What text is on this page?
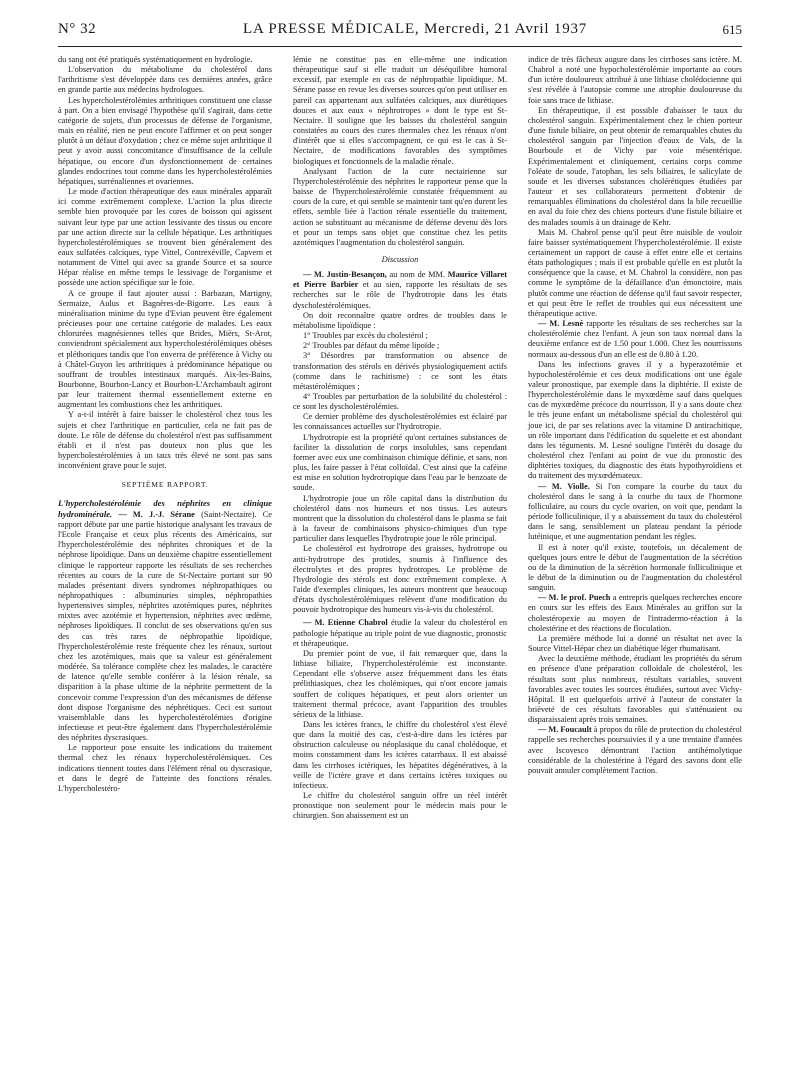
N° 32	LA PRESSE MÉDICALE, Mercredi, 21 Avril 1937	615

du sang ont été pratiqués systématiquement en hydrologie.

L'observation du métabolisme du cholestérol dans l'arthritisme s'est développée dans ces dernières années, grâce en grande partie aux médecins hydrologues.

Les hypercholestérolémies arthritiques constituent une classe à part. On a bien envisagé l'hypothèse qu'il s'agirait, dans cette catégorie de sujets, d'un processus de défense de l'organisme, mais en réalité, rien ne peut encore l'affirmer et on peut songer plutôt à un défaut d'oxydation ; chez ce même sujet arthritique il peut y avoir aussi concomitance d'insuffisance de la cellule hépatique, ou encore d'un dysfonctionnement de certaines glandes endocrines tout comme dans les hypercholestérolémies hépatiques, surrénaliennes et ovariennes.

Le mode d'action thérapeutique des eaux minérales apparaît ici comme extrêmement complexe. L'action la plus directe semble bien provoquée par les cures de boisson qui agissent suivant leur type par une action lessivante des tissus ou encore par une action directe sur la cellule hépatique. Les arthritiques hypercholestérolémiques se trouvent bien généralement des eaux sulfatées calciques, type Vittel, Contrexéville, Capvern et notamment de Vittel qui avec sa grande Source et sa source Hépar réalise en même temps le lessivage de l'organisme et possède une action spécifique sur le foie.

A ce groupe il faut ajouter aussi : Barbazan, Martigny, Sermaize, Aulus et Bagnères-de-Bigorre. Les eaux à minéralisation minime du type d'Evian peuvent être également précieuses pour une certaine catégorie de malades. Les eaux chlorurées magnésiennes telles que Brides, Mièrs, St-Arot, conviendront spécialement aux hypercholestérolémiques obèses et pléthoriques tandis que l'on enverra de préférence à Vichy ou à Châtel-Guyon les arthritiques à prédominance hépatique ou souffrant de troubles intestinaux marqués. Aix-les-Bains, Bourbonne, Bourbon-Lancy et Bourbon-L'Archambault agiront par leur traitement thermal essentiellement externe en augmentant les combustions chez les arthritiques.

Y a-t-il intérêt à faire baisser le cholestérol chez tous les sujets et chez l'arthritique en particulier, cela ne fait pas de doute. Le rôle de défense du cholestérol n'est pas suffisamment établi et il n'est pas douteux non plus que les hypercholestérolémies à un taux très élevé ne sont pas sans inconvénient grave pour le sujet.

SEPTIÈME RAPPORT.

L'hypercholestérolémie des néphrites en clinique hydrominérale. — M. J.-J. Sérane (Saint-Nectaire). Ce rapport débute par une partie historique analysant les travaux de l'Ecole Française et ceux plus récents des Américains, sur l'hypercholestérolémie des néphrites chroniques et de la néphrose lipoïdique. Dans un deuxième chapitre essentiellement clinique le rapporteur rapporte les résultats de ses recherches récentes au cours de la cure de St-Nectaire portant sur 90 malades présentant divers syndromes néphropathiques ou néphropathiques : albuminuries simples, néphropathies hypertensives simples, néphrites azotémiques pures, néphrites mixtes avec azotémie et hypertension, néphrites avec œdème, néphroses lipoïdiques. Il conclut de ses observations qu'en sus des cas très rares de néphropathie lipoïdique, l'hypercholestérolémie reste fréquente chez les rénaux, surtout chez les azotémiques, mais que sa valeur est généralement modérée. Sa tolérance complète chez les malades, le caractère de latence qu'elle semble conférer à la lésion rénale, sa disparition à la phase ultime de la néphrite permettent de la concevoir comme l'expression d'un des mécanismes de défense dont dispose l'organisme des néphrétiques. Ceci est surtout vraisemblable dans les hypercholestérolémies d'origine infectieuse et peut-être également dans l'hypercholestérolémie des néphrites dyscrasiques.

Le rapporteur pose ensuite les indications du traitement thermal chez les rénaux hypercholestérolémiques. Ces indications tiennent toutes dans l'élément rénal ou dyscrasique, et dans le degré de l'atteinte des fonctions rénales. L'hypercholestéro-

lémie ne constitue pas en elle-même une indication thérapeutique sauf si elle traduit un déséquilibre humoral excessif, par exemple en cas de néphropathie lipoïdique. M. Sérane passe en revue les diverses sources qu'on peut utiliser en pareil cas appartenant aux sulfatées calciques, aux diurétiques douces et aux eaux « néphrotropes » dont le type est St-Nectaire. Il souligne que les baisses du cholestérol sanguin constatées au cours des cures thermales chez les rénaux n'ont d'intérêt que si elles s'accompagnent, ce qui est le cas à St-Nectaire, de modifications favorables des symptômes biologiques et fonctionnels de la maladie rénale.

Analysant l'action de la cure nectairienne sur l'hypercholestérolémie des néphrites le rapporteur pense que la baisse de l'hypercholestérolémie constatée fréquemment au cours de la cure, et qui semble se maintenir tant qu'en durent les effets, semble liée à l'action rénale essentielle du traitement, action se substituant au mécanisme de défense devenu dès lors et pour un temps sans objet que constitue chez les petits azotémiques l'augmentation du cholestérol sanguin.

Discussion

— M. Justin-Besançon, au nom de MM. Maurice Villaret et Pierre Barbier et au sien, rapporte les résultats de ses recherches sur le rôle de l'hydrotropie dans les états dyscholestérolémiques.

On doit reconnaître quatre ordres de troubles dans le métabolisme lipoïdique :

1° Troubles par excès du cholestérol ;

2° Troubles par défaut du même lipoïde ;

3° Désordres par transformation ou absence de transformation des stérols en dérivés physiologiquement actifs (comme dans le rachitisme) : ce sont les états métastérolémiques ;

4° Troubles par perturbation de la solubilité du cholestérol : ce sont les dyscholestérolémies.

Ce dernier problème des dyscholestérolémies est éclairé par les connaissances actuelles sur l'hydrotropie.

L'hydrotropie est la propriété qu'ont certaines substances de faciliter la dissolution de corps insolubles, sans cependant former avec eux une combinaison chimique définie, et sans, non plus, les faire passer à l'état colloïdal. C'est ainsi que la caféine est mise en solution hydrotropique dans l'eau par le benzoate de soude.

L'hydrotropie joue un rôle capital dans la distribution du cholestérol dans nos humeurs et nos tissus. Les auteurs montrent que la dissolution du cholestérol dans le plasma se fait à la faveur de combinaisons physico-chimiques d'un type particulier dans lesquelles l'hydrotropie joue le rôle principal.

Le cholestérol est hydrotrope des graisses, hydrotrope ou anti-hydrotrope des protides, soumis à l'influence des électrolytes et des propres hydrotropes. Le problème de l'hydrologie des stérols est donc extrêmement complexe. A l'aide d'exemples cliniques, les auteurs montrent que beaucoup d'états dyscholestérolémiques relèvent d'une modification du pouvoir hydrotropique des humeurs vis-à-vis du cholestérol.

— M. Etienne Chabrol étudie la valeur du cholestérol en pathologie hépatique au triple point de vue diagnostic, pronostic et thérapeutique.

Du premier point de vue, il fait remarquer que, dans la lithiase biliaire, l'hypercholestérolémie est inconstante. Cependant elle s'observe assez fréquemment dans les états prélithiasiques, chez les cholémiques, qui n'ont encore jamais souffert de coliques hépatiques, et peut alors orienter un traitement thermal précoce, avant l'apparition des troubles sérieux de la lithiase.

Dans les ictères francs, le chiffre du cholestérol s'est élevé que dans la moitié des cas, c'est-à-dire dans les ictères par obstruction calculeuse ou néoplasique du canal cholédoque, et moins constamment dans les ictères catarrhaux. Il est abaissé dans les cirrhoses ictériques, les hépatites dégénératives, à la veille de l'ictère grave et dans certains ictères toxiques ou infectieux.

Le chiffre du cholestérol sanguin offre un réel intérêt pronostique non seulement pour le médecin mais pour le chirurgien. Son abaissement est un

indice de très fâcheux augure dans les cirrhoses sans ictère. M. Chabrol a noté une hypocholestérolémie importante au cours d'un ictère douloureux attribué à une lithiase cholédocienne qui s'est révélée à l'autopsie comme une atrophie douloureuse du foie sans trace de lithiase.

En thérapeutique, il est possible d'abaisser le taux du cholestérol sanguin. Expérimentalement chez le chien porteur d'une fistule biliaire, on peut obtenir de remarquables chutes du cholestérol sanguin par l'injection d'eaux de Vals, de la Bourboule et de Vichy par voie mésentérique. Expérimentalement et cliniquement, certains corps comme l'oléate de soude, l'atophan, les sels biliaires, le salicylate de soude et les diverses substances cholérétiques étudiées par l'auteur et ses collaborateurs permettent d'obtenir de remarquables éliminations du cholestérol dans la bile recueillie en aval du foie chez des chiens porteurs d'une fistule biliaire et des malades soumis à un drainage de Kehr.

Mais M. Chabrol pense qu'il peut être nuisible de vouloir faire baisser systématiquement l'hypercholestérolémie. Il existe certainement un rapport de cause à effet entre elle et certains états pathologiques ; mais il est probable qu'elle en est plutôt la conséquence que la cause, et M. Chabrol la considère, non pas comme le symptôme de la défaillance d'un émonctoire, mais plutôt comme une réaction de défense qu'il faut savoir respecter, et qui peut être le reflet de troubles qui eux nécessitent une thérapeutique active.

— M. Lesné rapporte les résultats de ses recherches sur la cholestérolémie chez l'enfant. A jeun son taux normal dans la deuxième enfance est de 1.50 pour 1.000. Chez les nourrissons normaux au-dessous d'un an elle est de 0.80 à 1.20.

Dans les infections graves il y a hyperazotémie et hypocholestérolémie et ces deux modifications ont une égale valeur pronostique, par exemple dans la diphtérie. Il existe de l'hypercholestérolémie dans le myxœdème sauf dans quelques cas de myxœdème précoce du nourrisson. Il y a sans doute chez le très jeune enfant un métabolisme spécial du cholestérol qui joue ici, de par ses relations avec la vitamine D antirachitique, un rôle important dans l'édification du squelette et est abondant dans les téguments. M. Lesné souligne l'intérêt du dosage du cholestérol chez l'enfant au point de vue du pronostic des diphtéries toxiques, du diagnostic des états hypothyroïdiens et du traitement des myxœdémateux.

— M. Violle. Si l'on compare la courbe du taux du cholestérol dans le sang à la courbe du taux de l'hormone folliculaire, au cours du cycle ovarien, on voit que, pendant la période folliculinique, il y a abaissement du taux du cholestérol dans le sang, sensiblement un plateau pendant la période lutéinique, et une augmentation pendant les règles.

Il est à noter qu'il existe, toutefois, un décalement de quelques jours entre le début de l'augmentation de la sécrétion ou de la diminution de la sécrétion hormonale folliculinique et le début de la diminution ou de l'augmentation du cholestérol sanguin.

— M. le prof. Puech a entrepris quelques recherches encore en cours sur les effets des Eaux Minérales au griffon sur la cholestéropexie au moyen de l'intradermo-réaction à la cholestérine et des réactions de floculation.

La première méthode lui a donné un résultat net avec la Source Vittel-Hépar chez un diabétique léger rhumatisant.

Avec la deuxième méthode, étudiant les propriétés du sérum en présence d'une préparation colloïdale de cholestérol, les résultats sont plus nombreux, résultats variables, souvent favorables avec toutes les sources étudiées, surtout avec Vichy-Hôpital. Il est quelquefois arrivé à l'auteur de constater la brièveté de ces résultats favorables qui s'atténuaient ou disparaissaient après trois semaines.

— M. Foucault à propos du rôle de protection du cholestérol rappelle ses recherches poursuivies il y a une trentaine d'années avec Iscovesco démontrant l'action antihémolytique considérable de la cholestérine à l'égard des savons dont elle pouvait annuler complètement l'action.
